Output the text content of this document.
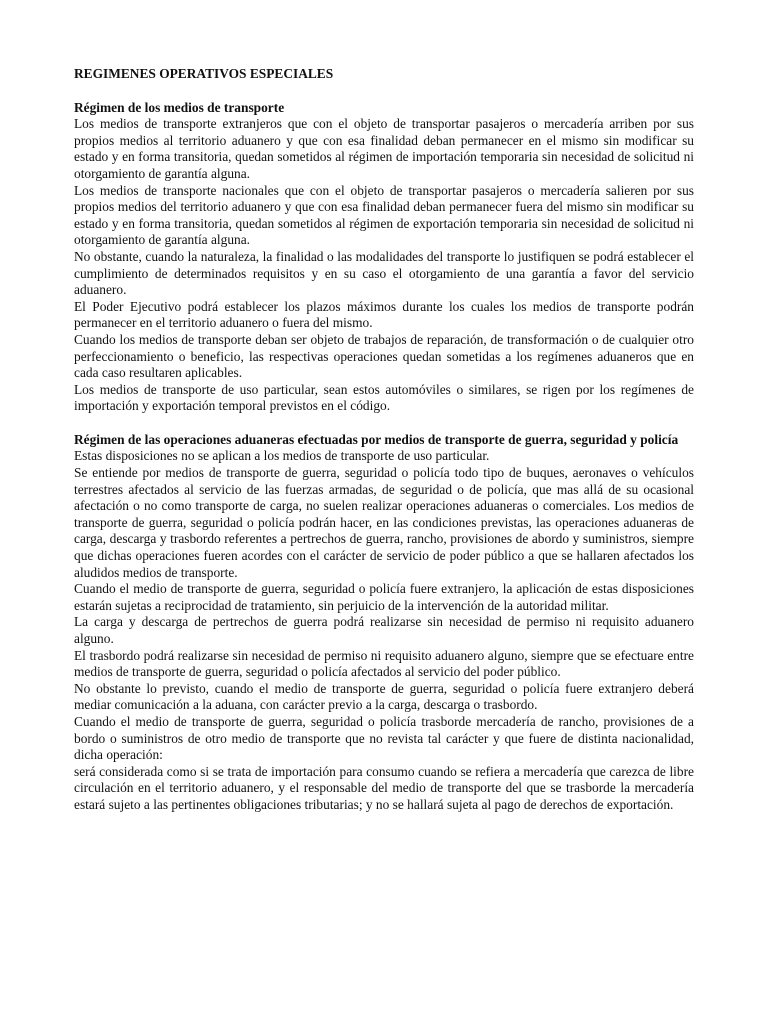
REGIMENES OPERATIVOS ESPECIALES
Régimen de los medios de transporte

Los medios de transporte extranjeros que con el objeto de transportar pasajeros o mercadería arriben por sus propios medios al territorio aduanero y que con esa finalidad deban permanecer en el mismo sin modificar su estado y en forma transitoria, quedan sometidos al régimen de importación temporaria sin necesidad de solicitud ni otorgamiento de garantía alguna.

Los medios de transporte nacionales que con el objeto de transportar pasajeros o mercadería salieren por sus propios medios del territorio aduanero y que con esa finalidad deban permanecer fuera del mismo sin modificar su estado y en forma transitoria, quedan sometidos al régimen de exportación temporaria sin necesidad de solicitud ni otorgamiento de garantía alguna.

No obstante, cuando la naturaleza, la finalidad o las modalidades del transporte lo justifiquen se podrá establecer el cumplimiento de determinados requisitos y en su caso el otorgamiento de una garantía a favor del servicio aduanero.

El Poder Ejecutivo podrá establecer los plazos máximos durante los cuales los medios de transporte podrán permanecer en el territorio aduanero o fuera del mismo.

Cuando los medios de transporte deban ser objeto de trabajos de reparación, de transformación o de cualquier otro perfeccionamiento o beneficio, las respectivas operaciones quedan sometidas a los regímenes aduaneros que en cada caso resultaren aplicables.

Los medios de transporte de uso particular, sean estos automóviles o similares, se rigen por los regímenes de importación y exportación temporal previstos en el código.

Régimen de las operaciones aduaneras efectuadas por medios de transporte de guerra, seguridad y policía

Estas disposiciones no se aplican a los medios de transporte de uso particular.

Se entiende por medios de transporte de guerra, seguridad o policía todo tipo de buques, aeronaves o vehículos terrestres afectados al servicio de las fuerzas armadas, de seguridad o de policía, que mas allá de su ocasional afectación o no como transporte de carga, no suelen realizar operaciones aduaneras o comerciales. Los medios de transporte de guerra, seguridad o policía podrán hacer, en las condiciones previstas, las operaciones aduaneras de carga, descarga y trasbordo referentes a pertrechos de guerra, rancho, provisiones de abordo y suministros, siempre que dichas operaciones fueren acordes con el carácter de servicio de poder público a que se hallaren afectados los aludidos medios de transporte.

Cuando el medio de transporte de guerra, seguridad o policía fuere extranjero, la aplicación de estas disposiciones estarán sujetas a reciprocidad de tratamiento, sin perjuicio de la intervención de la autoridad militar.

La carga y descarga de pertrechos de guerra podrá realizarse sin necesidad de permiso ni requisito aduanero alguno.

El trasbordo podrá realizarse sin necesidad de permiso ni requisito aduanero alguno, siempre que se efectuare entre medios de transporte de guerra, seguridad o policía afectados al servicio del poder público.

No obstante lo previsto, cuando el medio de transporte de guerra, seguridad o policía fuere extranjero deberá mediar comunicación a la aduana, con carácter previo a la carga, descarga o trasbordo.

Cuando el medio de transporte de guerra, seguridad o policía trasborde mercadería de rancho, provisiones de a bordo o suministros de otro medio de transporte que no revista tal carácter y que fuere de distinta nacionalidad, dicha operación:

será considerada como si se trata de importación para consumo cuando se refiera a mercadería que carezca de libre circulación en el territorio aduanero, y el responsable del medio de transporte del que se trasborde la mercadería estará sujeto a las pertinentes obligaciones tributarias; y no se hallará sujeta al pago de derechos de exportación.
